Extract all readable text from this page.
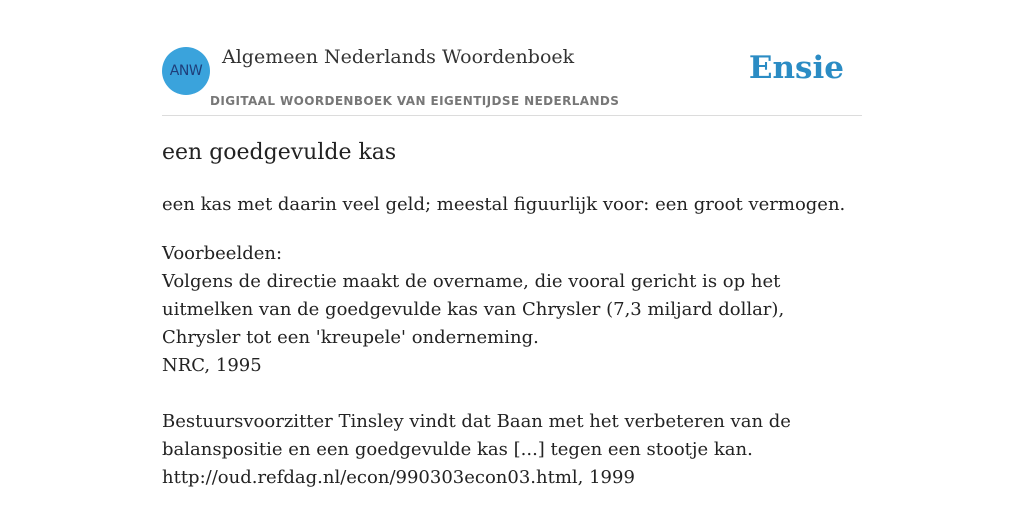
ANW
Algemeen Nederlands Woordenboek
DIGITAAL WOORDENBOEK VAN EIGENTIJDSE NEDERLANDS
Ensie
een goedgevulde kas
een kas met daarin veel geld; meestal figuurlijk voor: een groot vermogen.

Voorbeelden:

Volgens de directie maakt de overname, die vooral gericht is op het uitmelken van de goedgevulde kas van Chrysler (7,3 miljard dollar), Chrysler tot een 'kreupele' onderneming.

NRC, 1995

Bestuursvoorzitter Tinsley vindt dat Baan met het verbeteren van de balanspositie en een goedgevulde kas [...] tegen een stootje kan.

http://oud.refdag.nl/econ/990303econ03.html, 1999
